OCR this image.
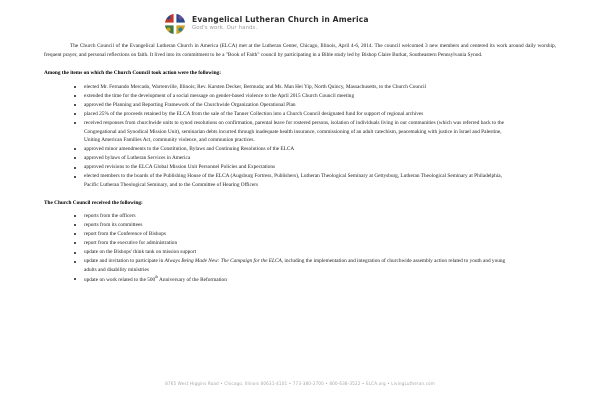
Evangelical Lutheran Church in America
God's work. Our hands.

The Church Council of the Evangelical Lutheran Church in America (ELCA) met at the Lutheran Center, Chicago, Illinois, April 4-6, 2014. The council welcomed 3 new members and centered its work around daily worship, frequent prayer, and personal reflections on faith. It lived into its commitment to be a "Book of Faith" council by participating in a Bible study led by Bishop Claire Burkat, Southeastern Pennsylvania Synod.

Among the items on which the Church Council took action were the following:
elected Mr. Fernando Mercado, Warrenville, Illinois; Rev. Karsten Decker, Bermuda; and Ms. Man Hei Yip, North Quincy, Massachusetts, to the Church Council
extended the time for the development of a social message on gender-based violence to the April 2015 Church Council meeting
approved the Planning and Reporting Framework of the Churchwide Organization Operational Plan
placed 25% of the proceeds retained by the ELCA from the sale of the Tanner Collection into a Church Council designated fund for support of regional archives
received responses from churchwide units to synod resolutions on confirmation, parental leave for rostered persons, isolation of individuals living in our communities (which was referred back to the Congregational and Synodical Mission Unit), seminarian debts incurred through inadequate health insurance, commissioning of an adult catechism, peacemaking with justice in Israel and Palestine, Uniting American Families Act, community violence, and communion practices.
approved minor amendments to the Constitution, Bylaws and Continuing Resolutions of the ELCA
approved bylaws of Lutheran Services in America
approved revisions to the ELCA Global Mission Unit Personnel Policies and Expectations
elected members to the boards of the Publishing House of the ELCA (Augsburg Fortress, Publishers), Lutheran Theological Seminary at Gettysburg, Lutheran Theological Seminary at Philadelphia, Pacific Lutheran Theological Seminary, and to the Committee of Hearing Officers
The Church Council received the following:
reports from the officers
reports from its committees
report from the Conference of Bishops
report from the executive for administration
update on the Bishops' think tank on mission support
update and invitation to participate in Always Being Made New: The Campaign for the ELCA, including the implementation and integration of churchwide assembly action related to youth and young adults and disability ministries
update on work related to the 500th Anniversary of the Reformation
8765 West Higgins Road • Chicago, Illinois 60631-4101 • 773-380-2700 • 800-638-3522 • ELCA.org • LivingLutheran.com
